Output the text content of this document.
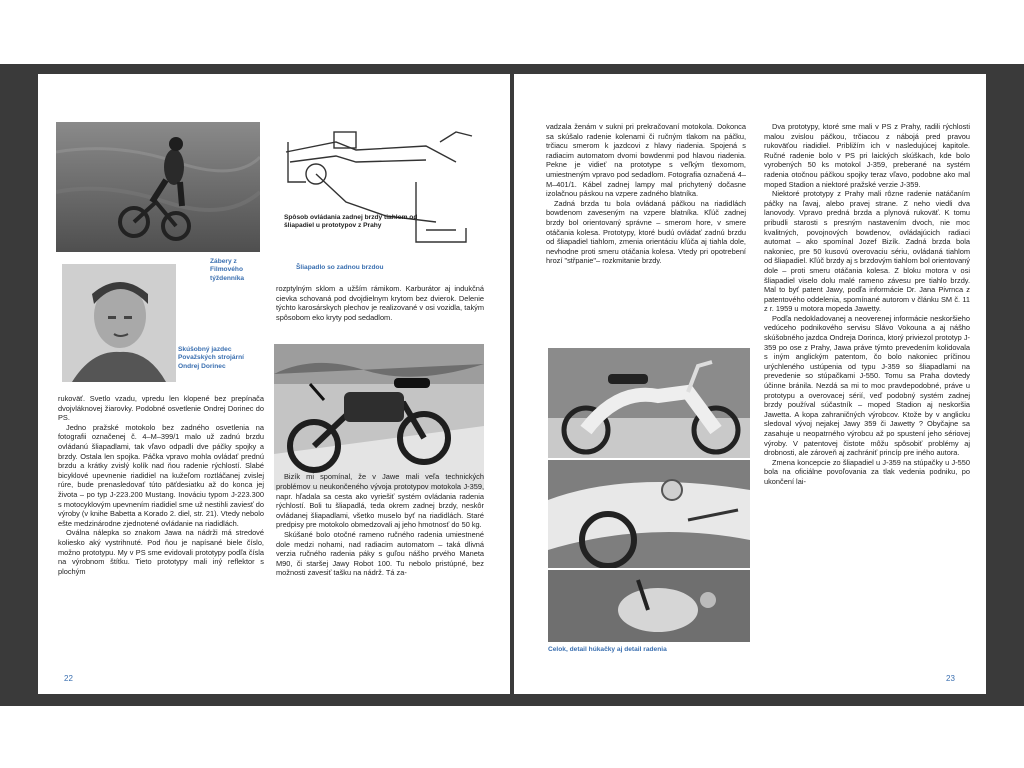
Zábery z Filmového týždenníka
Skúšobný jazdec Považských strojární Ondrej Dorinec
Spôsob ovládania zadnej brzdy tiahlom od šliapadiel u prototypov z Prahy
Šliapadlo so zadnou brzdou

rukoväť. Svetlo vzadu, vpredu len klopené bez prepínača dvojvláknovej žiarovky. Podobné osvetlenie Ondrej Dorinec do PS.

Jedno pražské motokolo bez zadného osvetlenia na fotografii označenej č. 4–M–399/1 malo už zadnú brzdu ovládanú šliapadlami, tak vľavo odpadli dve páčky spojky a brzdy. Ostala len spojka. Páčka vpravo mohla ovládať prednú brzdu a krátky zvislý kolík nad ňou radenie rýchlostí. Slabé bicyklové upevnenie riadidiel na kužeľom roztláčanej zvislej rúre, bude prenasledovať túto päťdesiatku až do konca jej života – po typ J-223.200 Mustang. Inováciu typom J-223.300 s motocyklovým upevnením riadidiel sme už nestihli zaviesť do výroby (v knihe Babetta a Korado 2. diel, str. 21). Vtedy nebolo ešte medzinárodne zjednotené ovládanie na riadidlách.

Oválna nálepka so znakom Jawa na nádrži má stredové koliesko aký vystrihnuté. Pod ňou je napísané biele číslo, možno prototypu. My v PS sme evidovali prototypy podľa čísla na výrobnom štítku. Tieto prototypy mali iný reflektor s plochým

rozptylným sklom a užším rámikom. Karburátor aj indukčná cievka schovaná pod dvojdielnym krytom bez dvierok. Delenie týchto karosárskych plechov je realizované v osi vozidla, takým spôsobom eko kryty pod sedadlom.

Bizík mi spomínal, že v Jawe mali veľa technických problémov u neukončeného vývoja prototypov motokola J-359, napr. hľadala sa cesta ako vyriešiť systém ovládania radenia rýchlostí. Boli tu šliapadlá, teda okrem zadnej brzdy, neskôr ovládanej šliapadlami, všetko muselo byť na riadidlách. Staré predpisy pre motokolo obmedzovali aj jeho hmotnosť do 50 kg.

Skúšané bolo otočné rameno ručného radenia umiestnené dole medzi nohami, nad radiacim automatom – taká dlivná verzia ručného radenia páky s guľou nášho prvého Maneta M90, či staršej Jawy Robot 100. Tu nebolo pristúpné, bez možnosti zavesiť tašku na nádrž. Tá za-

22

vadzala ženám v sukni pri prekračovaní motokola. Dokonca sa skúšalo radenie kolenami či ručným tlakom na páčku, trčiacu smerom k jazdcovi z hlavy riadenia. Spojená s radiacim automatom dvomi bowdenmi pod hlavou riadenia. Pekne je vidieť na prototype s veľkým tlexomom, umiestneným vpravo pod sedadlom. Fotografia označená 4–M–401/1. Kábel zadnej lampy mal prichytený dočasne izolačnou páskou na vzpere zadného blatníka.

Zadná brzda tu bola ovládaná páčkou na riadidlách bowdenom zaveseným na vzpere blatníka. Kľúč zadnej brzdy bol orientovaný správne – smerom hore, v smere otáčania kolesa. Prototypy, ktoré budú ovládať zadnú brzdu od šliapadiel tiahlom, zmenia orientáciu kľúča aj tiahla dole, nevhodne proti smeru otáčania kolesa. Vtedy pri opotrebení hrozí "střpanie"– rozkmitanie brzdy.

Celok, detail húkačky aj detail radenia

Dva prototypy, ktoré sme mali v PS z Prahy, radili rýchlosti malou zvislou páčkou, trčiacou z nábojá pred pravou rukoväťou riadidiel. Približím ich v nasledujúcej kapitole. Ručné radenie bolo v PS pri laických skúškach, kde bolo vyrobených 50 ks motokol J-359, preberané na systém radenia otočnou páčkou spojky teraz vľavo, podobne ako mal moped Stadion a niektoré pražské verzie J-359.

Niektoré prototypy z Prahy mali rôzne radenie natáčaním páčky na ľavaj, alebo pravej strane. Z neho viedli dva lanovody. Vpravo predná brzda a plynová rukoväť. K tomu pribudli starosti s presným nastavením dvoch, nie moc kvalitných, povojnových bowdenov, ovládajúcich radiaci automat – ako spomínal Jozef Bizík. Zadná brzda bola nakoniec, pre 50 kusovú overovaciu sériu, ovládaná tiahlom od šliapadiel. Kľúč brzdy aj s brzdovým tiahlom bol orientovaný dole – proti smeru otáčania kolesa. Z bloku motora v osi šliapadiel viselo dolu malé rameno závesu pre tiahlo brzdy. Mal to byť patent Jawy, podľa informácie Dr. Jana Pivrnca z patentového oddelenia, spomínané autorom v článku SM č. 11 z r. 1959 u motora mopeda Jawetty.

Podľa nedokladovanej a neoverenej informácie neskoršieho vedúceho podnikového servisu Slávo Vokouna a aj nášho skúšobného jazdca Ondreja Dorinca, ktorý priviezol prototyp J-359 po ose z Prahy, Jawa práve týmto prevedením kolidovala s iným anglickým patentom, čo bolo nakoniec príčinou urýchleného ustúpenia od typu J-359 so šliapadlami na prevedenie so stúpačkami J-550. Tomu sa Praha dovtedy účinne bránila. Nezdá sa mi to moc pravdepodobné, práve u prototypu a overovacej sérií, veď podobný systém zadnej brzdy používal súčastník – moped Stadion aj neskoršia Jawetta. A kopa zahraničných výrobcov. Ktože by v anglicku sledoval vývoj nejakej Jawy 359 či Jawetty ? Obyčajne sa zasahuje u neopatrného výrobcu až po spustení jeho sériovej výroby. V patentovej čistote môžu spôsobiť problémy aj drobnosti, ale zároveň aj zachrániť princíp pre iného autora.

Zmena koncepcie zo šliapadiel u J-359 na stúpačky u J-550 bola na oficiálne povoľovania za tlak vedenia podniku, po ukončení lai-

23
